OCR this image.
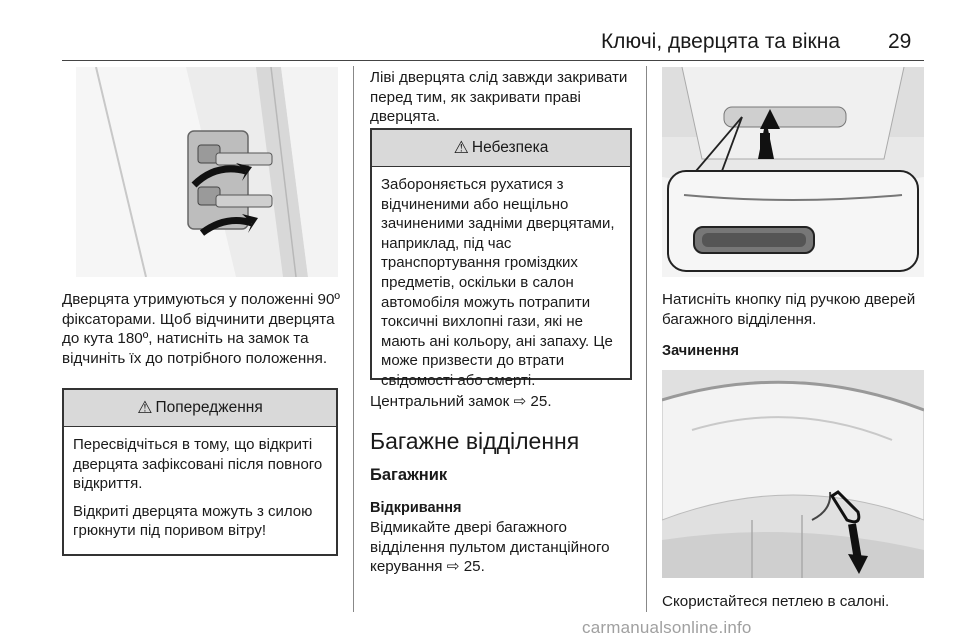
Ключі, дверцята та вікна 29

Дверцята утримуються у положенні 90º фіксаторами. Щоб відчинити дверцята до кута 180º, натисніть на замок та відчиніть їх до потрібного положення.

⚠ Попередження

Пересвідчіться в тому, що відкриті дверцята зафіксовані після повного відкриття.

Відкриті дверцята можуть з силою грюкнути під поривом вітру!

Ліві дверцята слід завжди закривати перед тим, як закривати праві дверцята.

⚠ Небезпека

Забороняється рухатися з відчиненими або нещільно зачиненими задніми дверцятами, наприклад, під час транспортування громіздких предметів, оскільки в салон автомобіля можуть потрапити токсичні вихлопні гази, які не мають ані кольору, ані запаху. Це може призвести до втрати свідомості або смерті.

Центральний замок ⇨ 25.

Багажне відділення
Багажник
Відкривання

Відмикайте двері багажного відділення пультом дистанційного керування ⇨ 25.

Натисніть кнопку під ручкою дверей багажного відділення.

Зачинення

Скористайтеся петлею в салоні.

carmanualsonline.info
